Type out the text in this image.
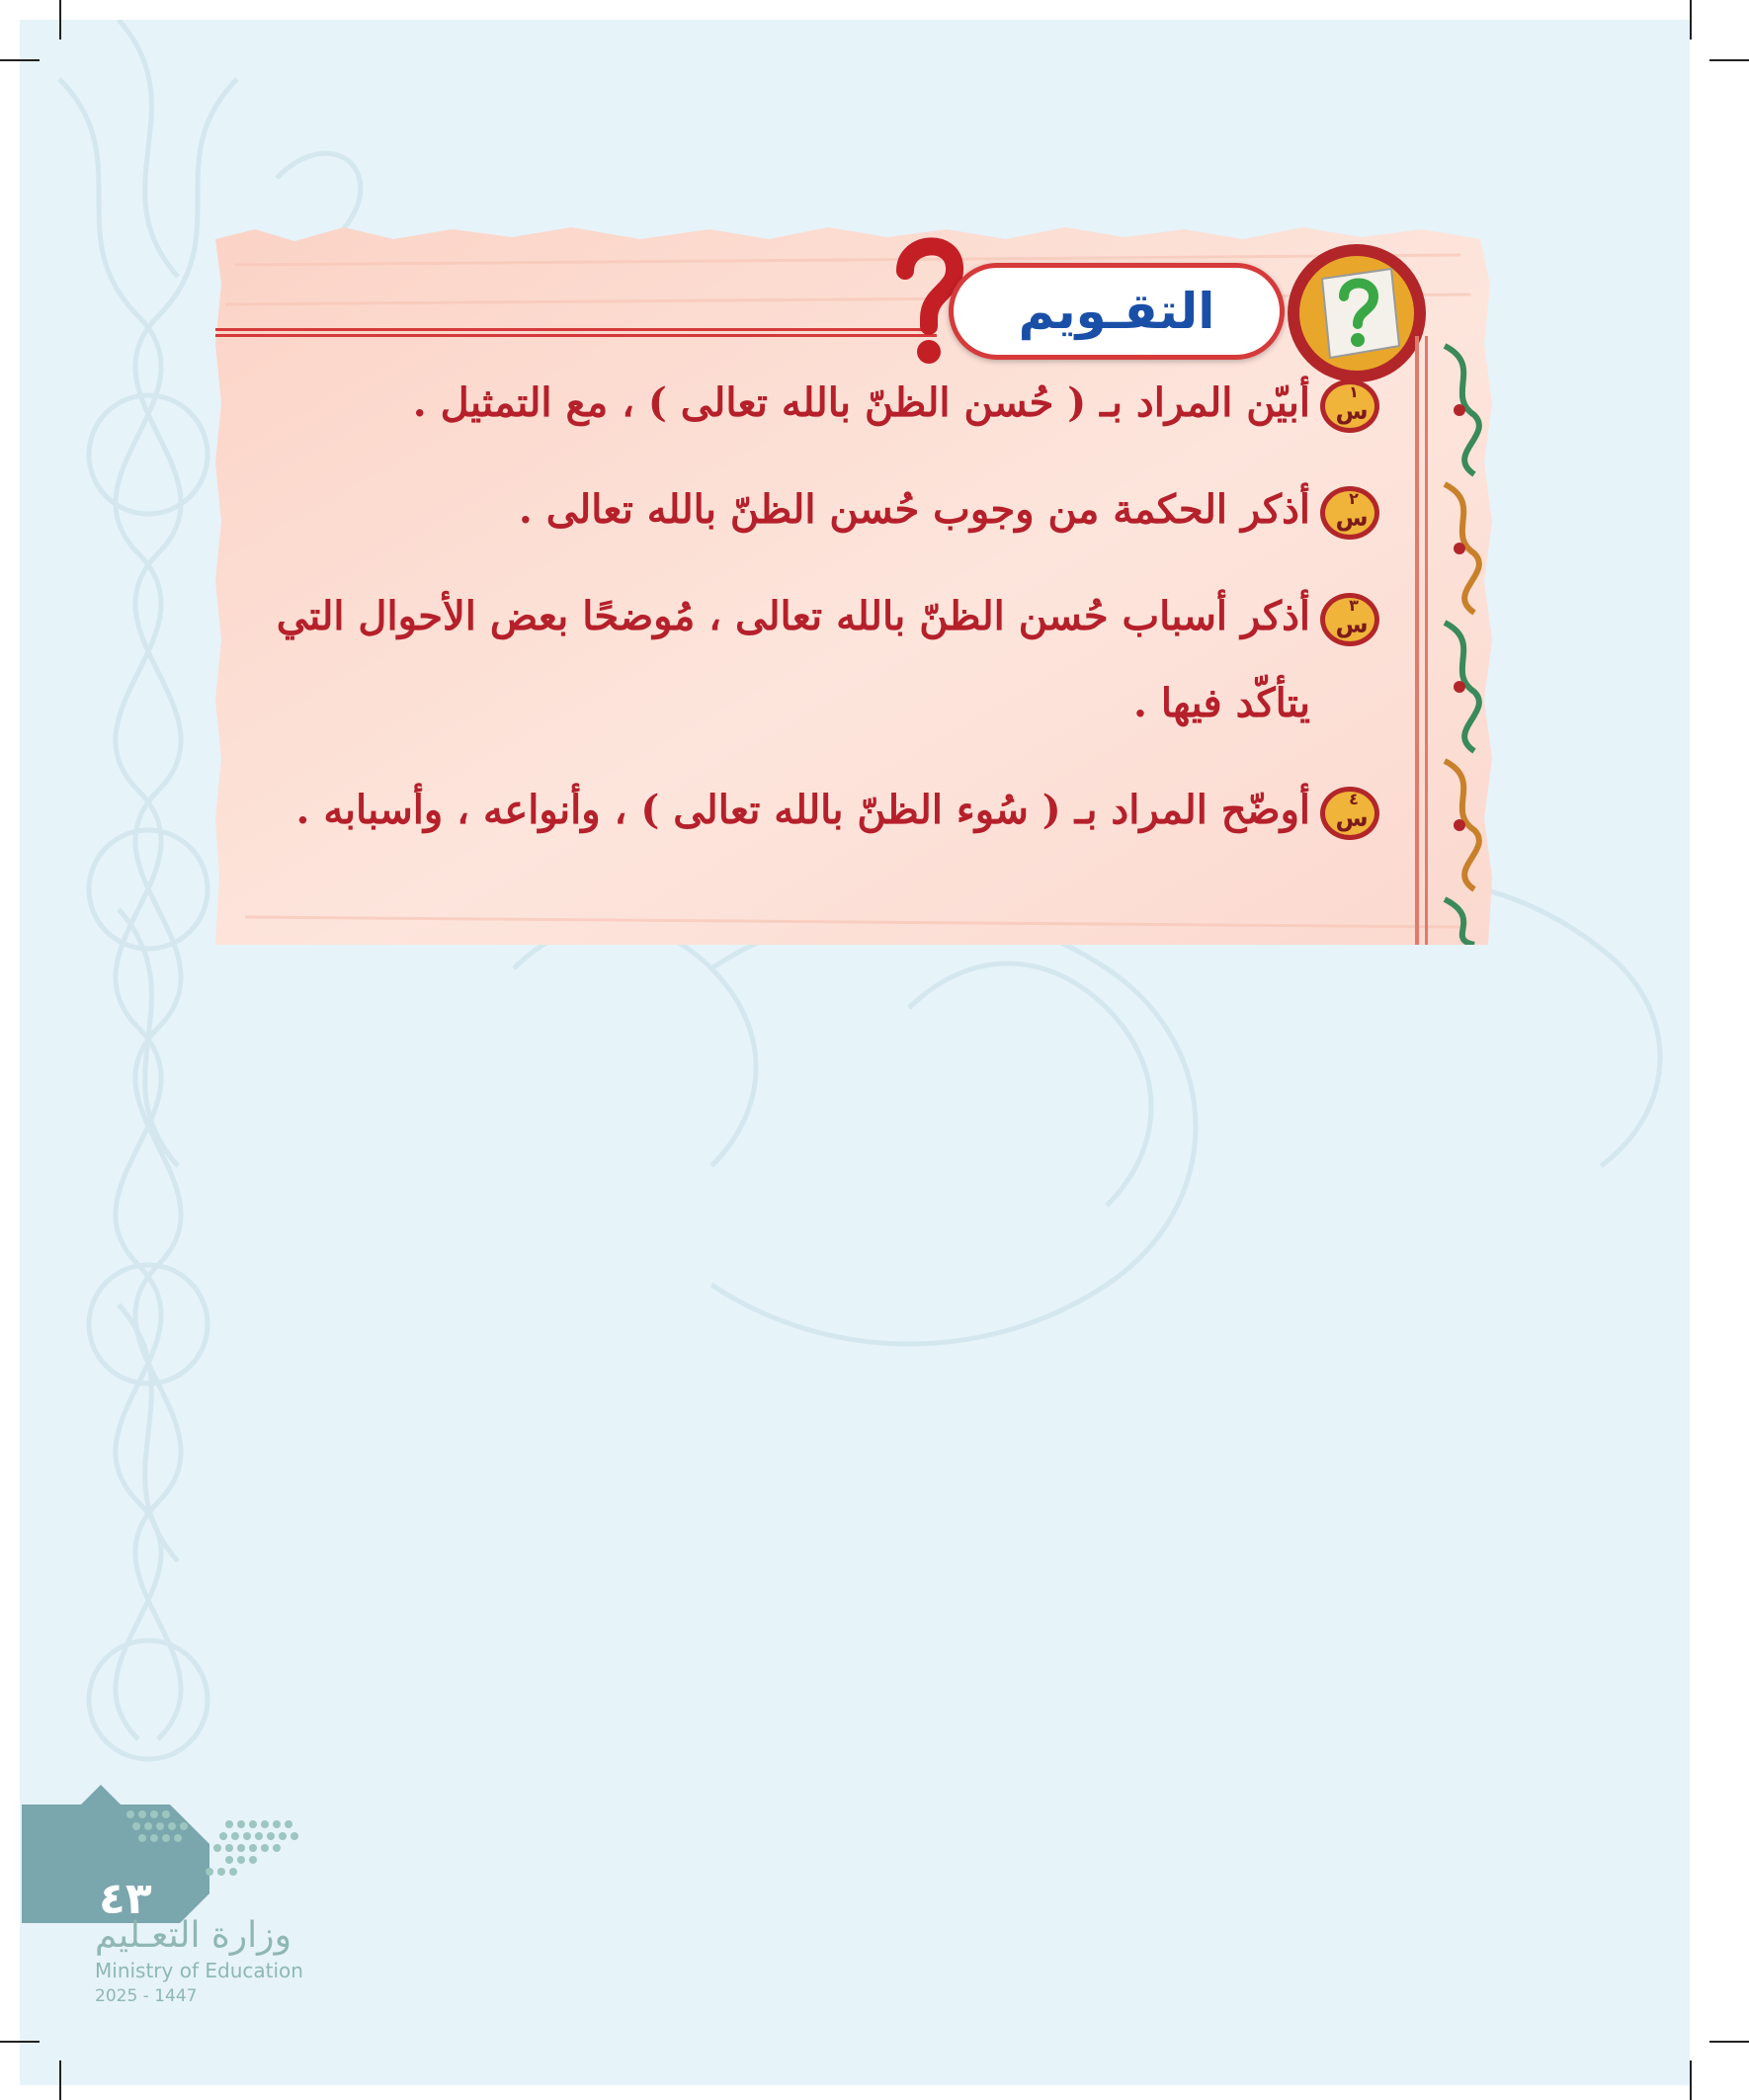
التقـويم
س
١
أبيّن المراد بـ ( حُسن الظنّ بالله تعالى ) ، مع التمثيل .
س
٢
أذكر الحكمة من وجوب حُسن الظنّ بالله تعالى .
س
٣
أذكر أسباب حُسن الظنّ بالله تعالى ، مُوضحًا بعض الأحوال التي يتأكّد فيها .
س
٤
أوضّح المراد بـ ( سُوء الظنّ بالله تعالى ) ، وأنواعه ، وأسبابه .
٤٣
وزارة التعـليم
Ministry of Education
2025 - 1447
